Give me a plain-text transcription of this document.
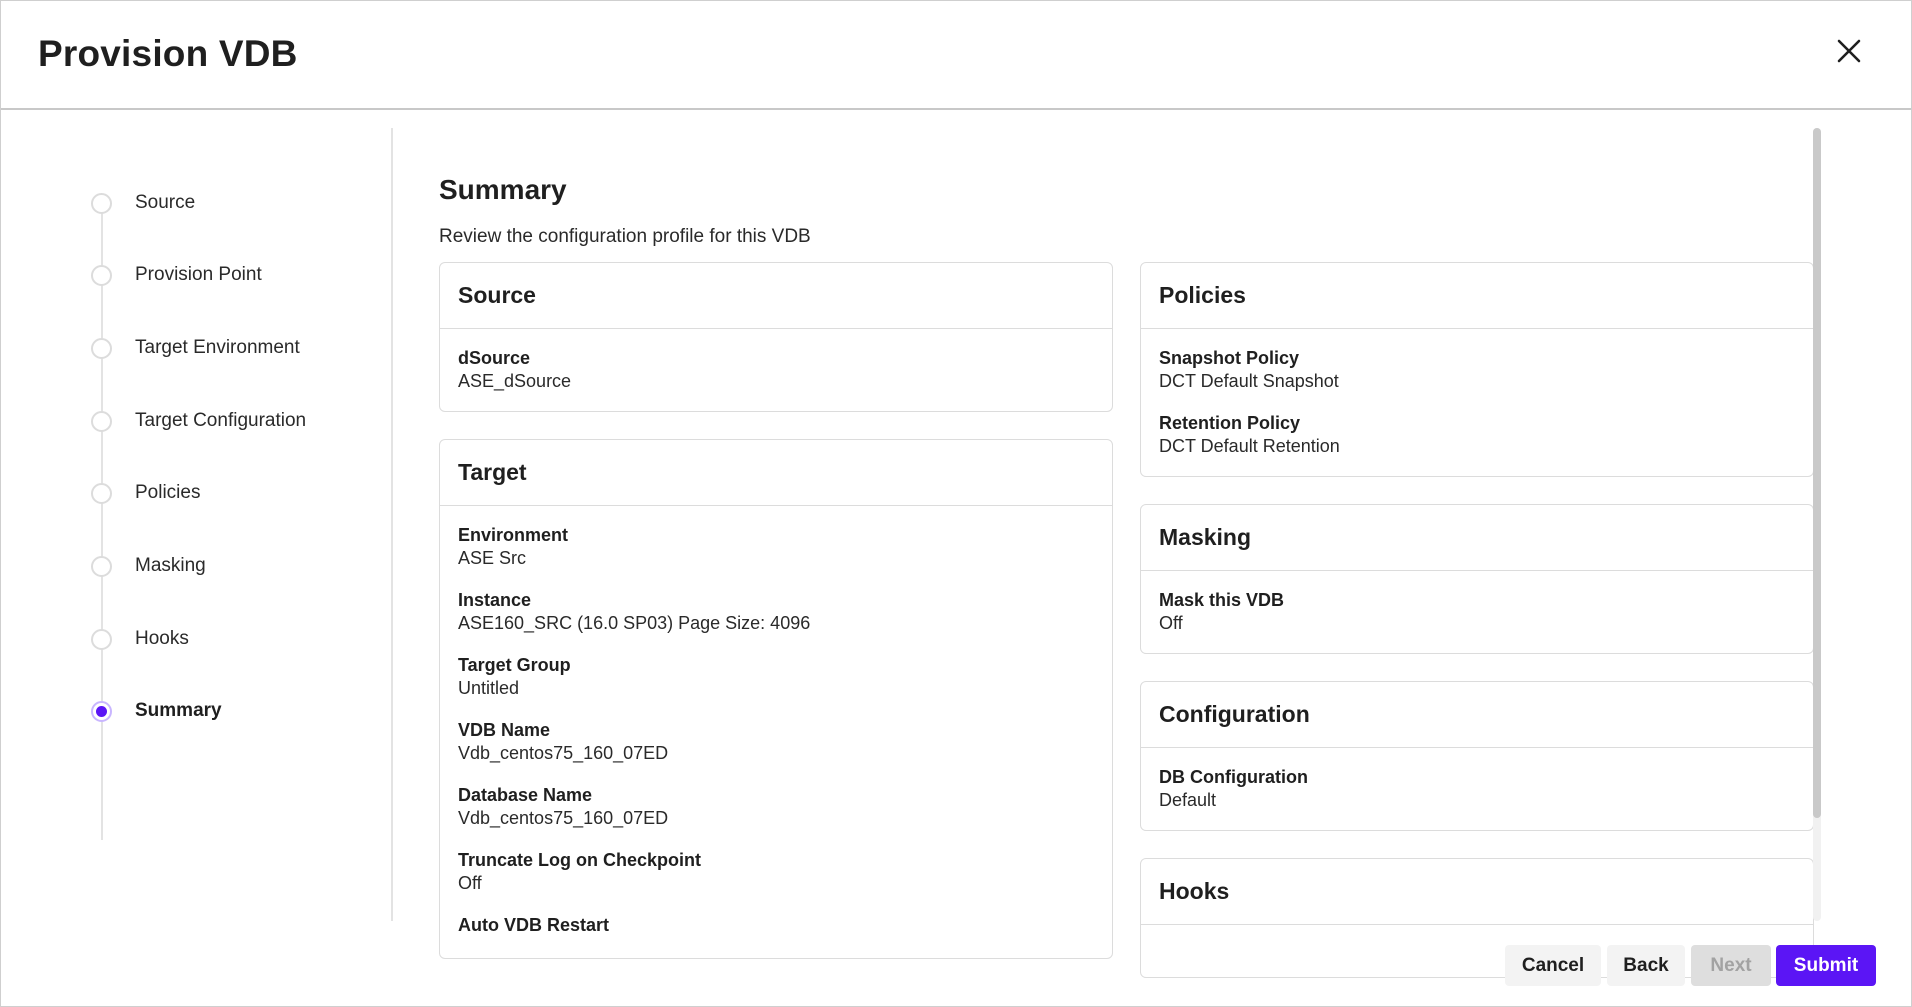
Provision VDB
Source
Provision Point
Target Environment
Target Configuration
Policies
Masking
Hooks
Summary
Summary
Review the configuration profile for this VDB
Source
dSource
ASE_dSource
Target
Environment
ASE Src
Instance
ASE160_SRC (16.0 SP03) Page Size: 4096
Target Group
Untitled
VDB Name
Vdb_centos75_160_07ED
Database Name
Vdb_centos75_160_07ED
Truncate Log on Checkpoint
Off
Auto VDB Restart
Policies
Snapshot Policy
DCT Default Snapshot
Retention Policy
DCT Default Retention
Masking
Mask this VDB
Off
Configuration
DB Configuration
Default
Hooks
Cancel	Back	Next	Submit
